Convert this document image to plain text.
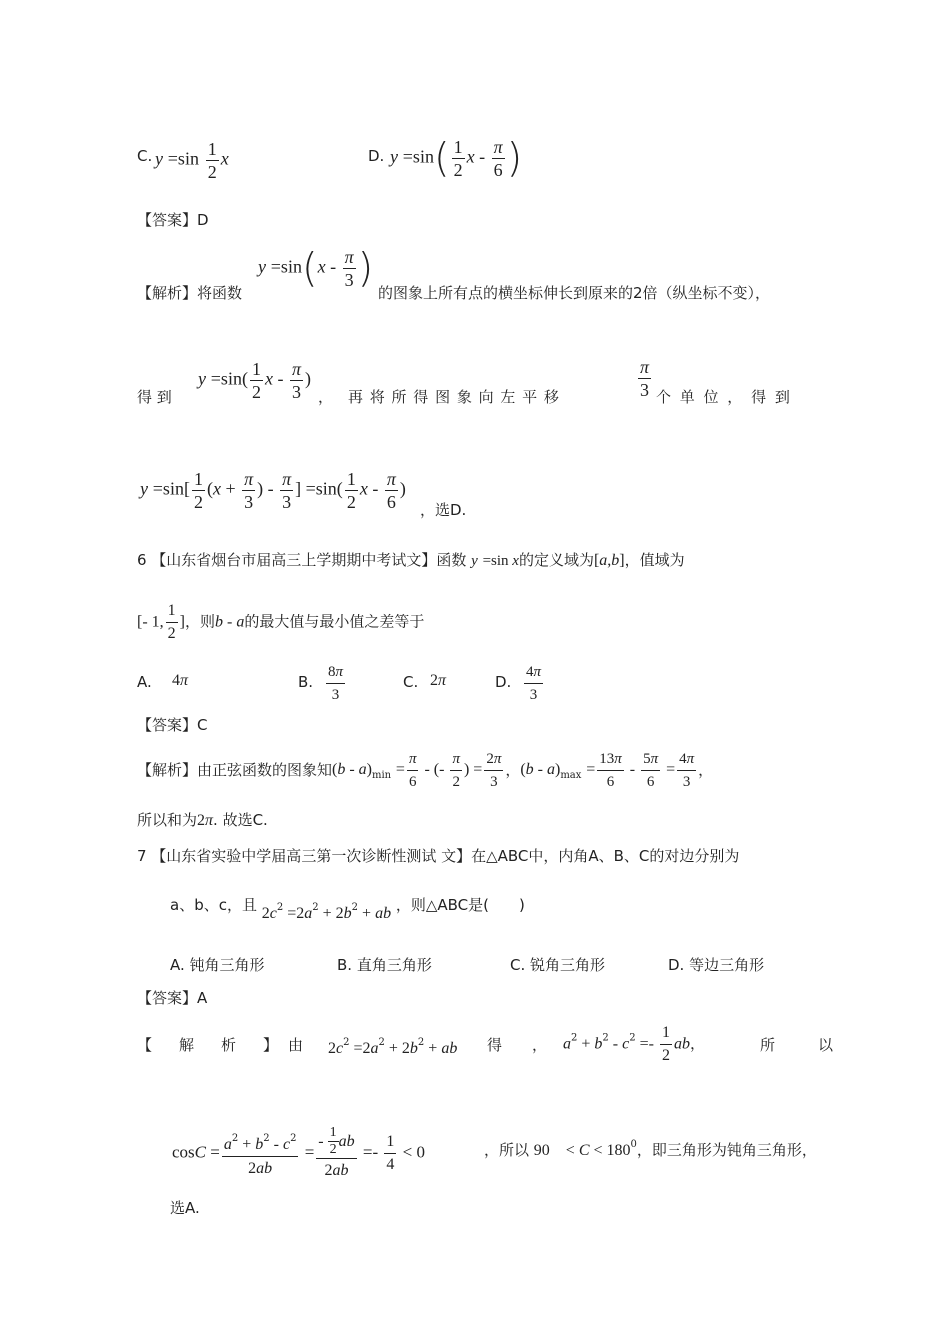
C. $y =\sin \frac{1}{2}$ x	D. $y =\sin( \frac{1}{2}$ x - $\frac{\pi}{6}$ )
【答案】D
【解析】将函数
$y =\sin(x - \frac{\pi}{3}$ )
的图象上所有点的横坐标伸长到原来的2倍（纵坐标不变），
得 到
$y =\sin( \frac{1}{2}$ x - $\frac{\pi}{3}$ )
， 再 将 所 得 图 象 向 左 平 移	$\frac{\pi}{3}$ 个 单 位 ， 得 到
$y =\sin[ \frac{1}{2} (x + \frac{\pi}{3}$ ) - $\frac{\pi}{3}$ ] $=\sin( \frac{1}{2}$ x - $\frac{\pi}{6}$ )
，选D.
6 【山东省烟台市届高三上学期期中考试文】函数 y =sin x的定义域为[a,b]，值域为
[- 1, $\frac{1}{2}$ ]，则b - a的最大值与最小值之差等于
A. 4π	B. $\frac{8\pi}{3}$	C. 2π	D. $\frac{4\pi}{3}$
【答案】C
【解析】由正弦函数的图象知$(b - a)_{min} = \frac{\pi}{6}$ - (- $\frac{\pi}{2}$ ) = $\frac{2\pi}{3}$ ，$(b - a)_{max} = \frac{13\pi}{6} - \frac{5\pi}{6} = \frac{4\pi}{3}$ ，
所以和为2π. 故选C.
7 【山东省实验中学届高三第一次诊断性测试 文】在△ABC中，内角A、B、C的对边分别为
a、b、c，且 2c2 =2a2 + 2b2 + ab ，则△ABC是(　　)
A. 钝角三角形	B. 直角三角形	C. 锐角三角形	D. 等边三角形
【答案】A
【　解　析　】 由 $2c^2 =2a^2 + 2b^2$ + ab 得　　， $a^2 + b^2 - c^2 =- \frac{1}{2}$ ab，	所　以
$\cos C = \frac{a^2 + b^2 - c^2}{2ab} = \frac{- \frac{1}{2} ab}{2ab} =- \frac{1}{4} < 0$	，所以 90　< $C < 180^0$，即三角形为钝角三角形，
选A.
